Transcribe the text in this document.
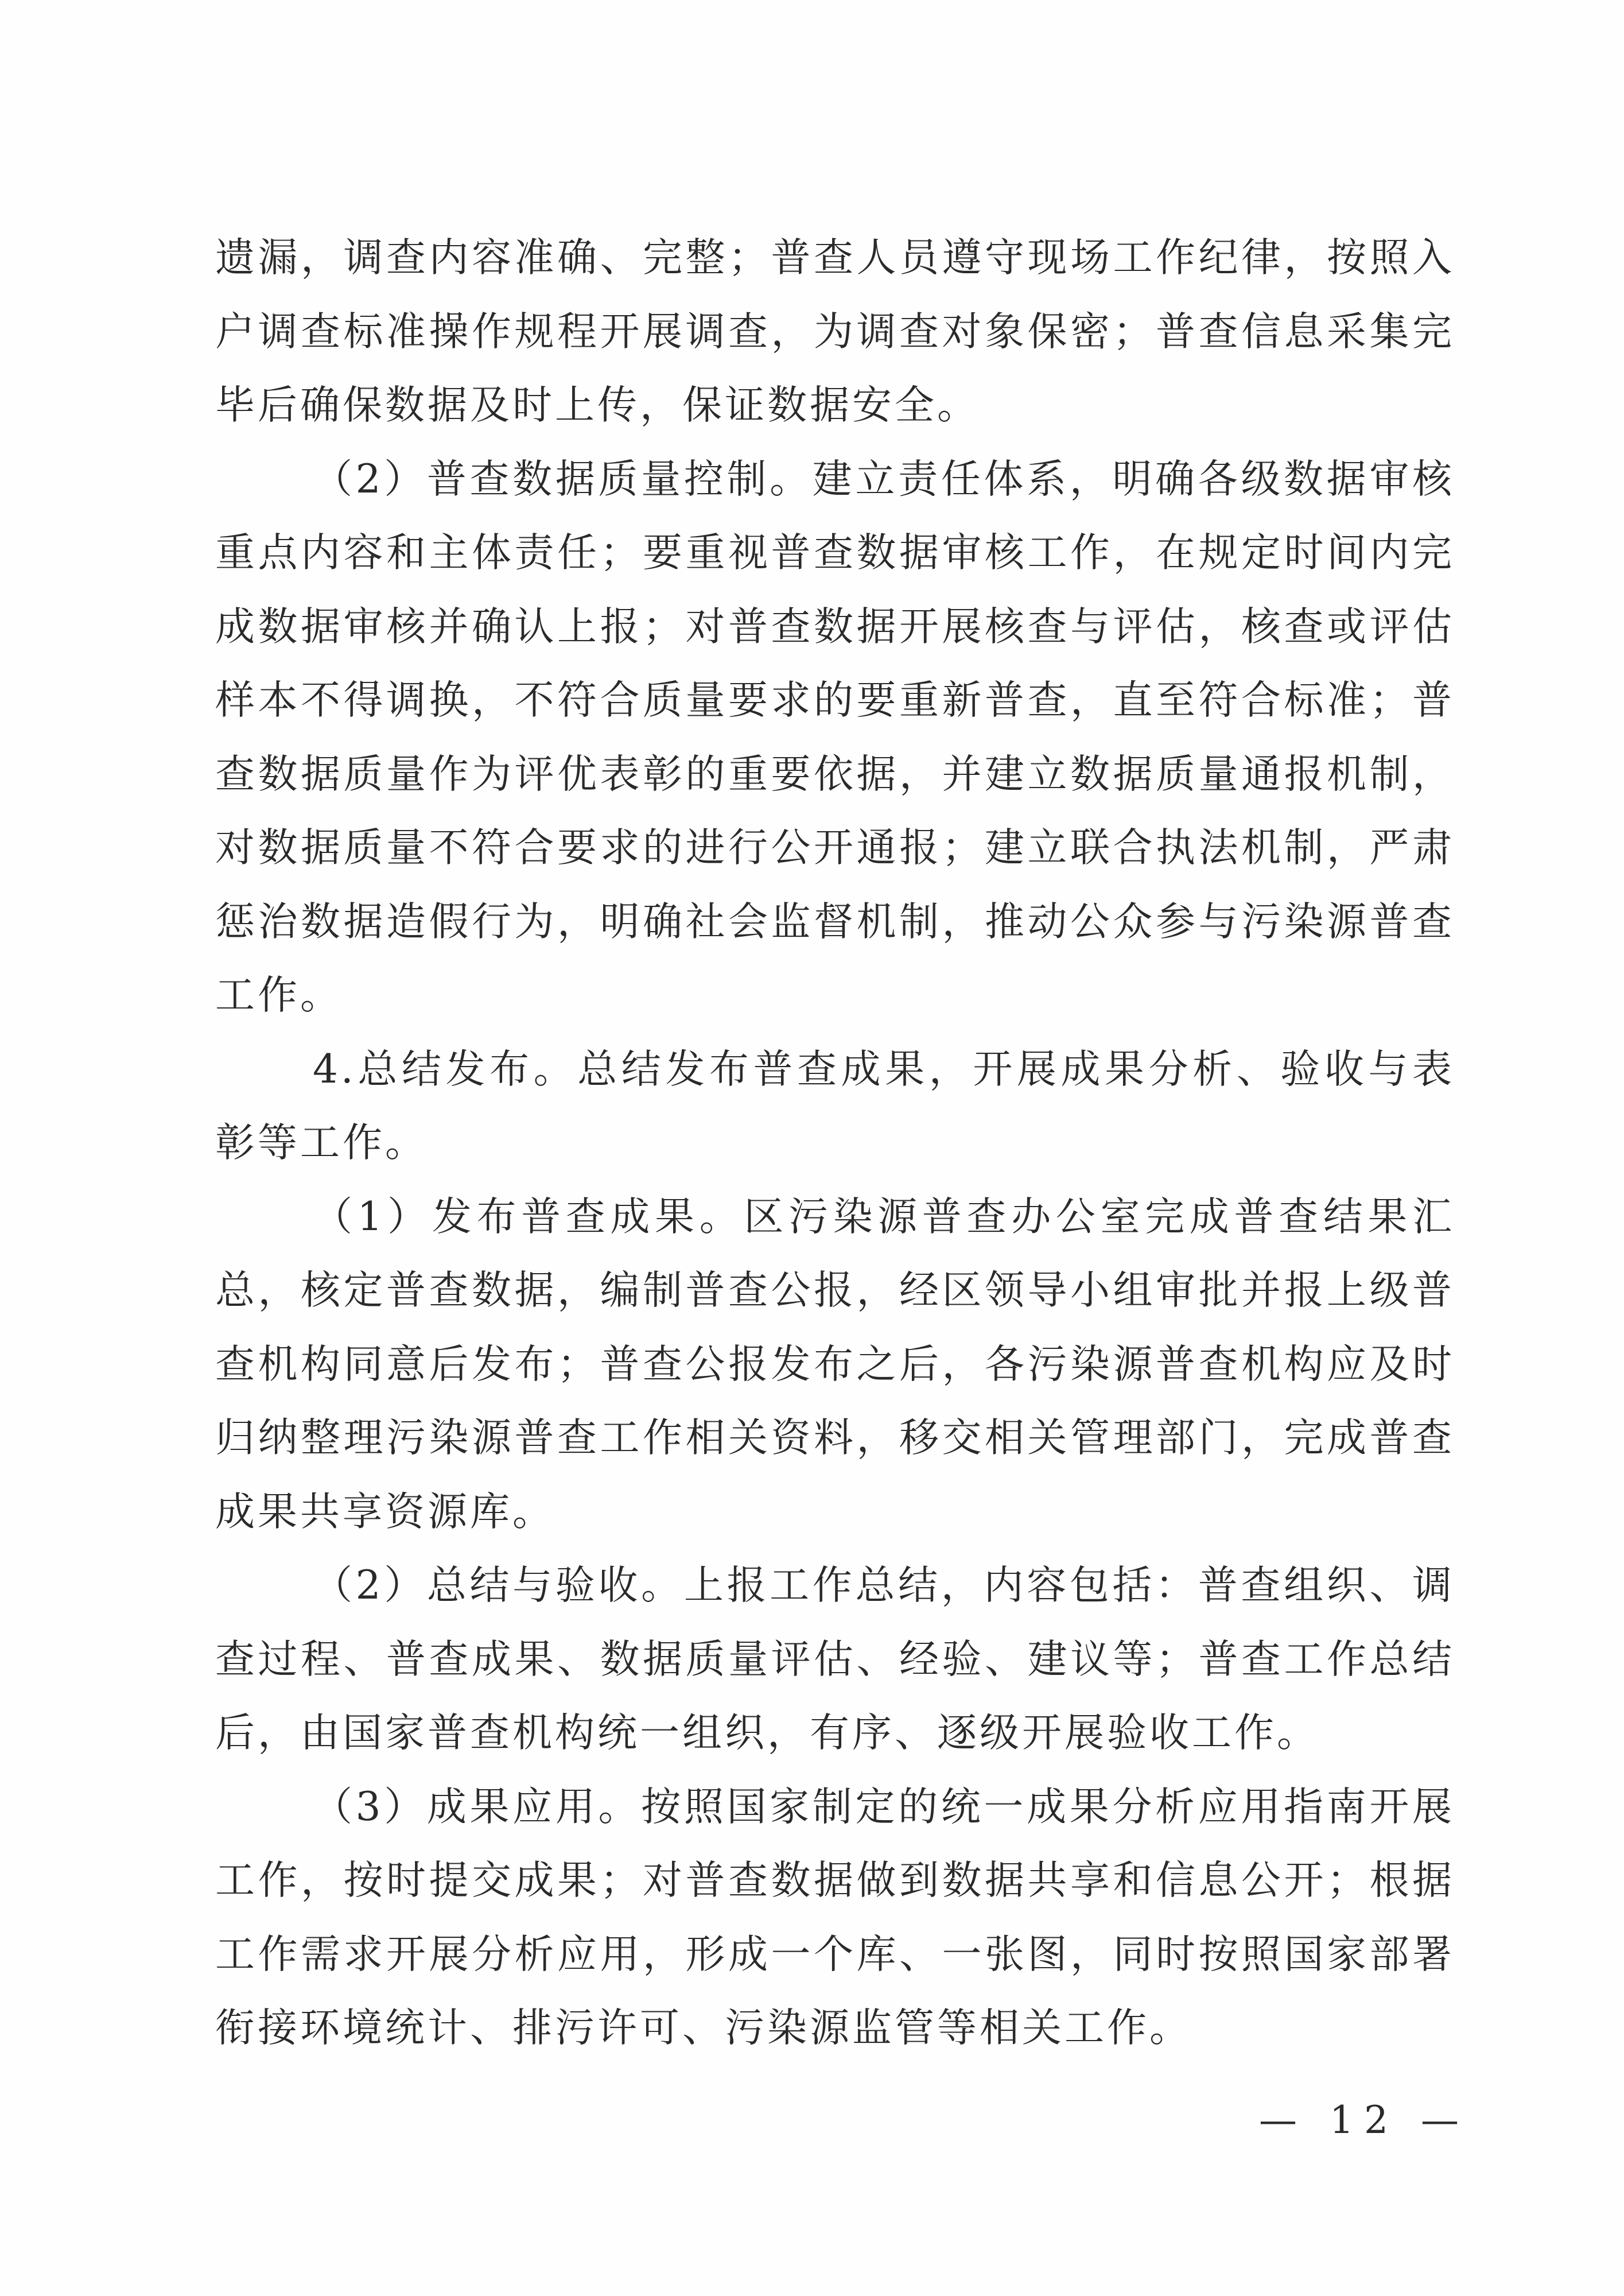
遗漏，调查内容准确、完整；普查人员遵守现场工作纪律，按照入户调查标准操作规程开展调查，为调查对象保密；普查信息采集完毕后确保数据及时上传，保证数据安全。

（2）普查数据质量控制。建立责任体系，明确各级数据审核重点内容和主体责任；要重视普查数据审核工作，在规定时间内完成数据审核并确认上报；对普查数据开展核查与评估，核查或评估样本不得调换，不符合质量要求的要重新普查，直至符合标准；普查数据质量作为评优表彰的重要依据，并建立数据质量通报机制，对数据质量不符合要求的进行公开通报；建立联合执法机制，严肃惩治数据造假行为，明确社会监督机制，推动公众参与污染源普查工作。

4.总结发布。总结发布普查成果，开展成果分析、验收与表彰等工作。

（1）发布普查成果。区污染源普查办公室完成普查结果汇总，核定普查数据，编制普查公报，经区领导小组审批并报上级普查机构同意后发布；普查公报发布之后，各污染源普查机构应及时归纳整理污染源普查工作相关资料，移交相关管理部门，完成普查成果共享资源库。

（2）总结与验收。上报工作总结，内容包括：普查组织、调查过程、普查成果、数据质量评估、经验、建议等；普查工作总结后，由国家普查机构统一组织，有序、逐级开展验收工作。

（3）成果应用。按照国家制定的统一成果分析应用指南开展工作，按时提交成果；对普查数据做到数据共享和信息公开；根据工作需求开展分析应用，形成一个库、一张图，同时按照国家部署衔接环境统计、排污许可、污染源监管等相关工作。

— 12 —
